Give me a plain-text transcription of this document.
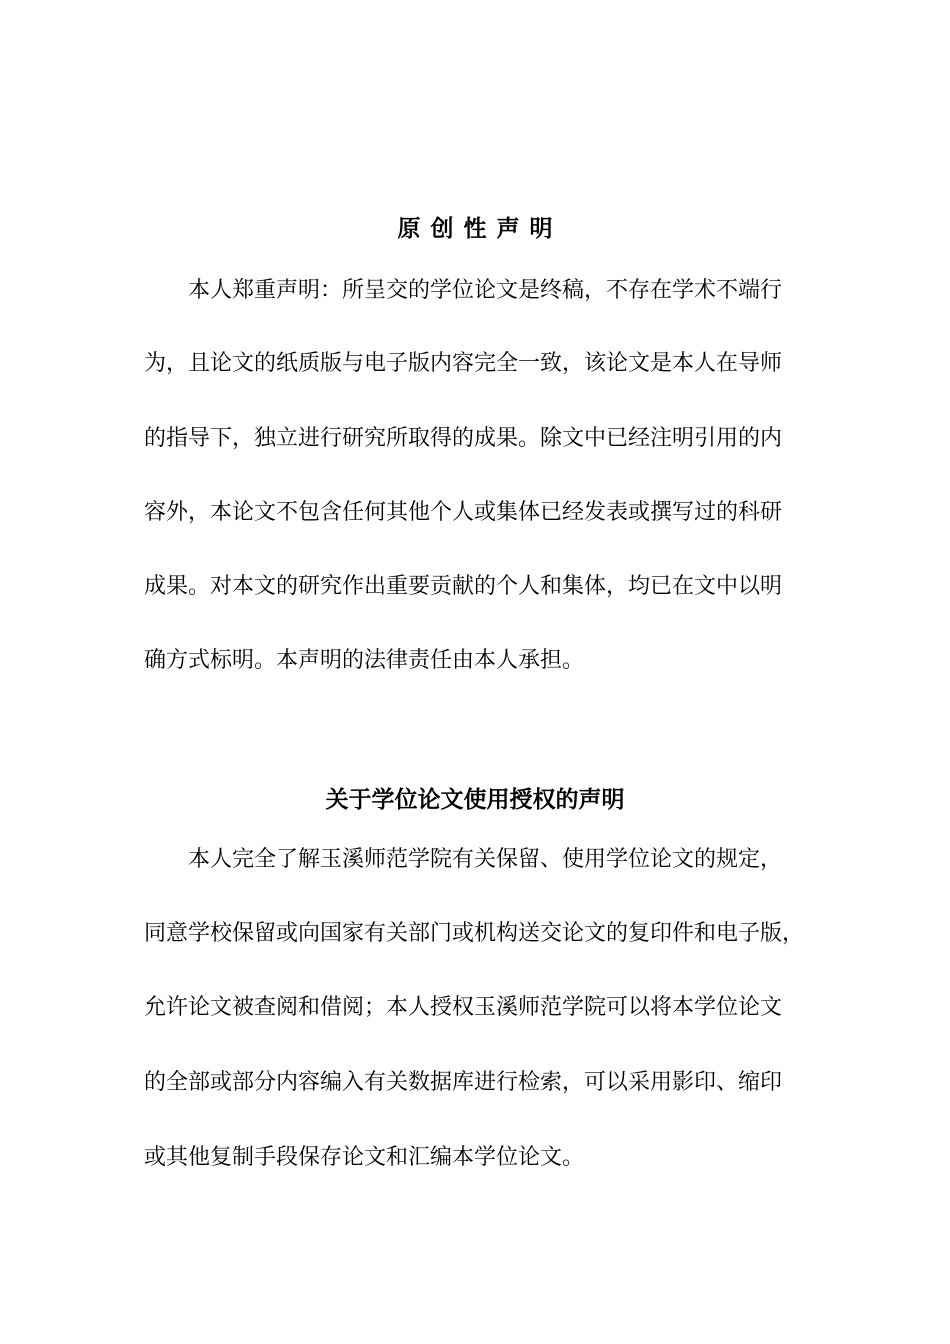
原创性声明

本人郑重声明：所呈交的学位论文是终稿，不存在学术不端行

为，且论文的纸质版与电子版内容完全一致，该论文是本人在导师

的指导下，独立进行研究所取得的成果。除文中已经注明引用的内

容外，本论文不包含任何其他个人或集体已经发表或撰写过的科研

成果。对本文的研究作出重要贡献的个人和集体，均已在文中以明

确方式标明。本声明的法律责任由本人承担。

关于学位论文使用授权的声明

本人完全了解玉溪师范学院有关保留、使用学位论文的规定，

同意学校保留或向国家有关部门或机构送交论文的复印件和电子版，

允许论文被查阅和借阅；本人授权玉溪师范学院可以将本学位论文

的全部或部分内容编入有关数据库进行检索，可以采用影印、缩印

或其他复制手段保存论文和汇编本学位论文。
